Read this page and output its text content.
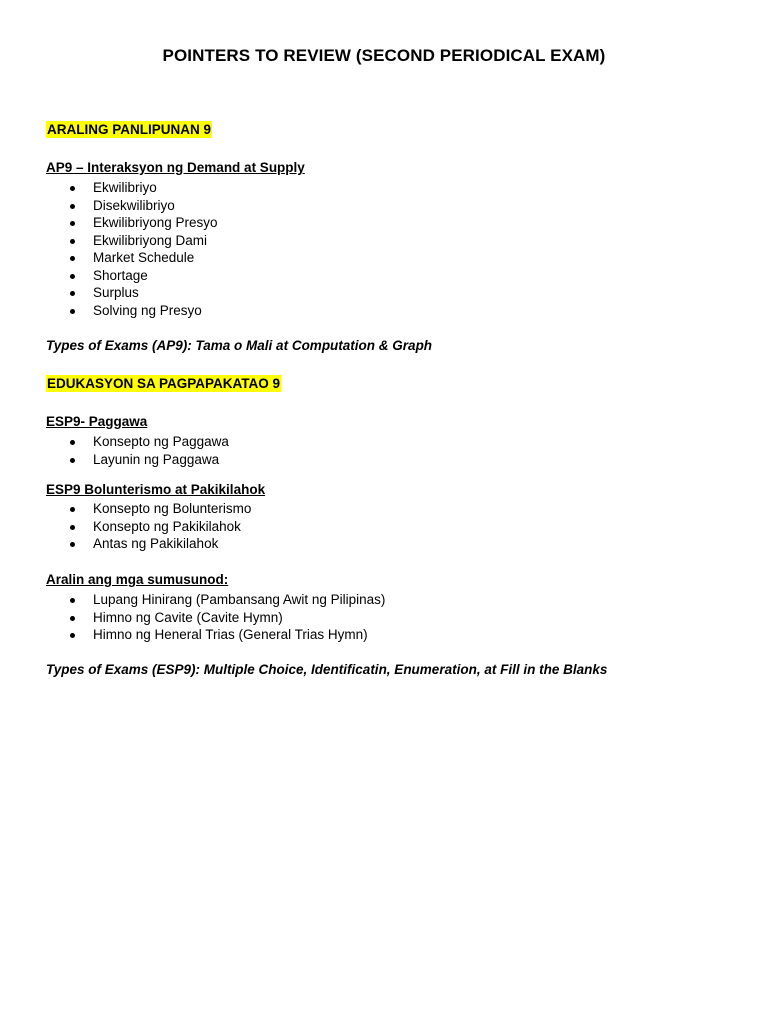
POINTERS TO REVIEW (SECOND PERIODICAL EXAM)
ARALING PANLIPUNAN 9
AP9 – Interaksyon ng Demand at Supply
Ekwilibriyo
Disekwilibriyo
Ekwilibriyong Presyo
Ekwilibriyong Dami
Market Schedule
Shortage
Surplus
Solving ng Presyo
Types of Exams (AP9): Tama o Mali at Computation & Graph
EDUKASYON SA PAGPAPAKATAO 9
ESP9- Paggawa
Konsepto ng Paggawa
Layunin ng Paggawa
ESP9 Bolunterismo at Pakikilahok
Konsepto ng Bolunterismo
Konsepto ng Pakikilahok
Antas ng Pakikilahok
Aralin ang mga sumusunod:
Lupang Hinirang (Pambansang Awit ng Pilipinas)
Himno ng Cavite (Cavite Hymn)
Himno ng Heneral Trias (General Trias Hymn)
Types of Exams (ESP9): Multiple Choice, Identificatin, Enumeration, at Fill in the Blanks
